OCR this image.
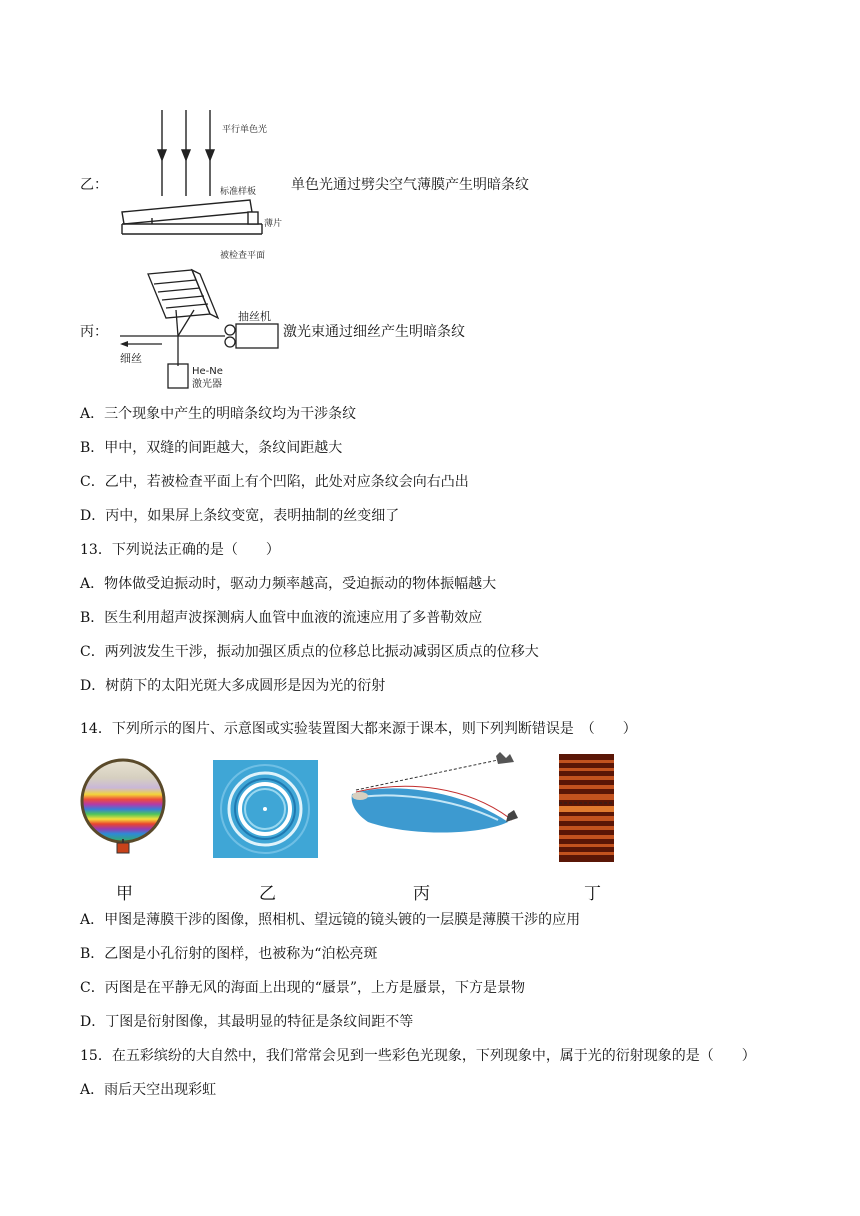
乙：
平行单色光
标准样板
薄片
被检查平面
单色光通过劈尖空气薄膜产生明暗条纹
丙：
抽丝机
细丝
He-Ne
激光器
激光束通过细丝产生明暗条纹
A．三个现象中产生的明暗条纹均为干涉条纹
B．甲中，双缝的间距越大，条纹间距越大
C．乙中，若被检查平面上有个凹陷，此处对应条纹会向右凸出
D．丙中，如果屏上条纹变宽，表明抽制的丝变细了
13．下列说法正确的是（　　）
A．物体做受迫振动时，驱动力频率越高，受迫振动的物体振幅越大
B．医生利用超声波探测病人血管中血液的流速应用了多普勒效应
C．两列波发生干涉，振动加强区质点的位移总比振动减弱区质点的位移大
D．树荫下的太阳光斑大多成圆形是因为光的衍射
14．下列所示的图片、示意图或实验装置图大都来源于课本，则下列判断错误是　（　　）
甲	乙	丙	丁
A．甲图是薄膜干涉的图像，照相机、望远镜的镜头镀的一层膜是薄膜干涉的应用
B．乙图是小孔衍射的图样，也被称为“泊松亮斑
C．丙图是在平静无风的海面上出现的“蜃景”，上方是蜃景，下方是景物
D．丁图是衍射图像，其最明显的特征是条纹间距不等
15．在五彩缤纷的大自然中，我们常常会见到一些彩色光现象，下列现象中，属于光的衍射现象的是（　　）
A．雨后天空出现彩虹
